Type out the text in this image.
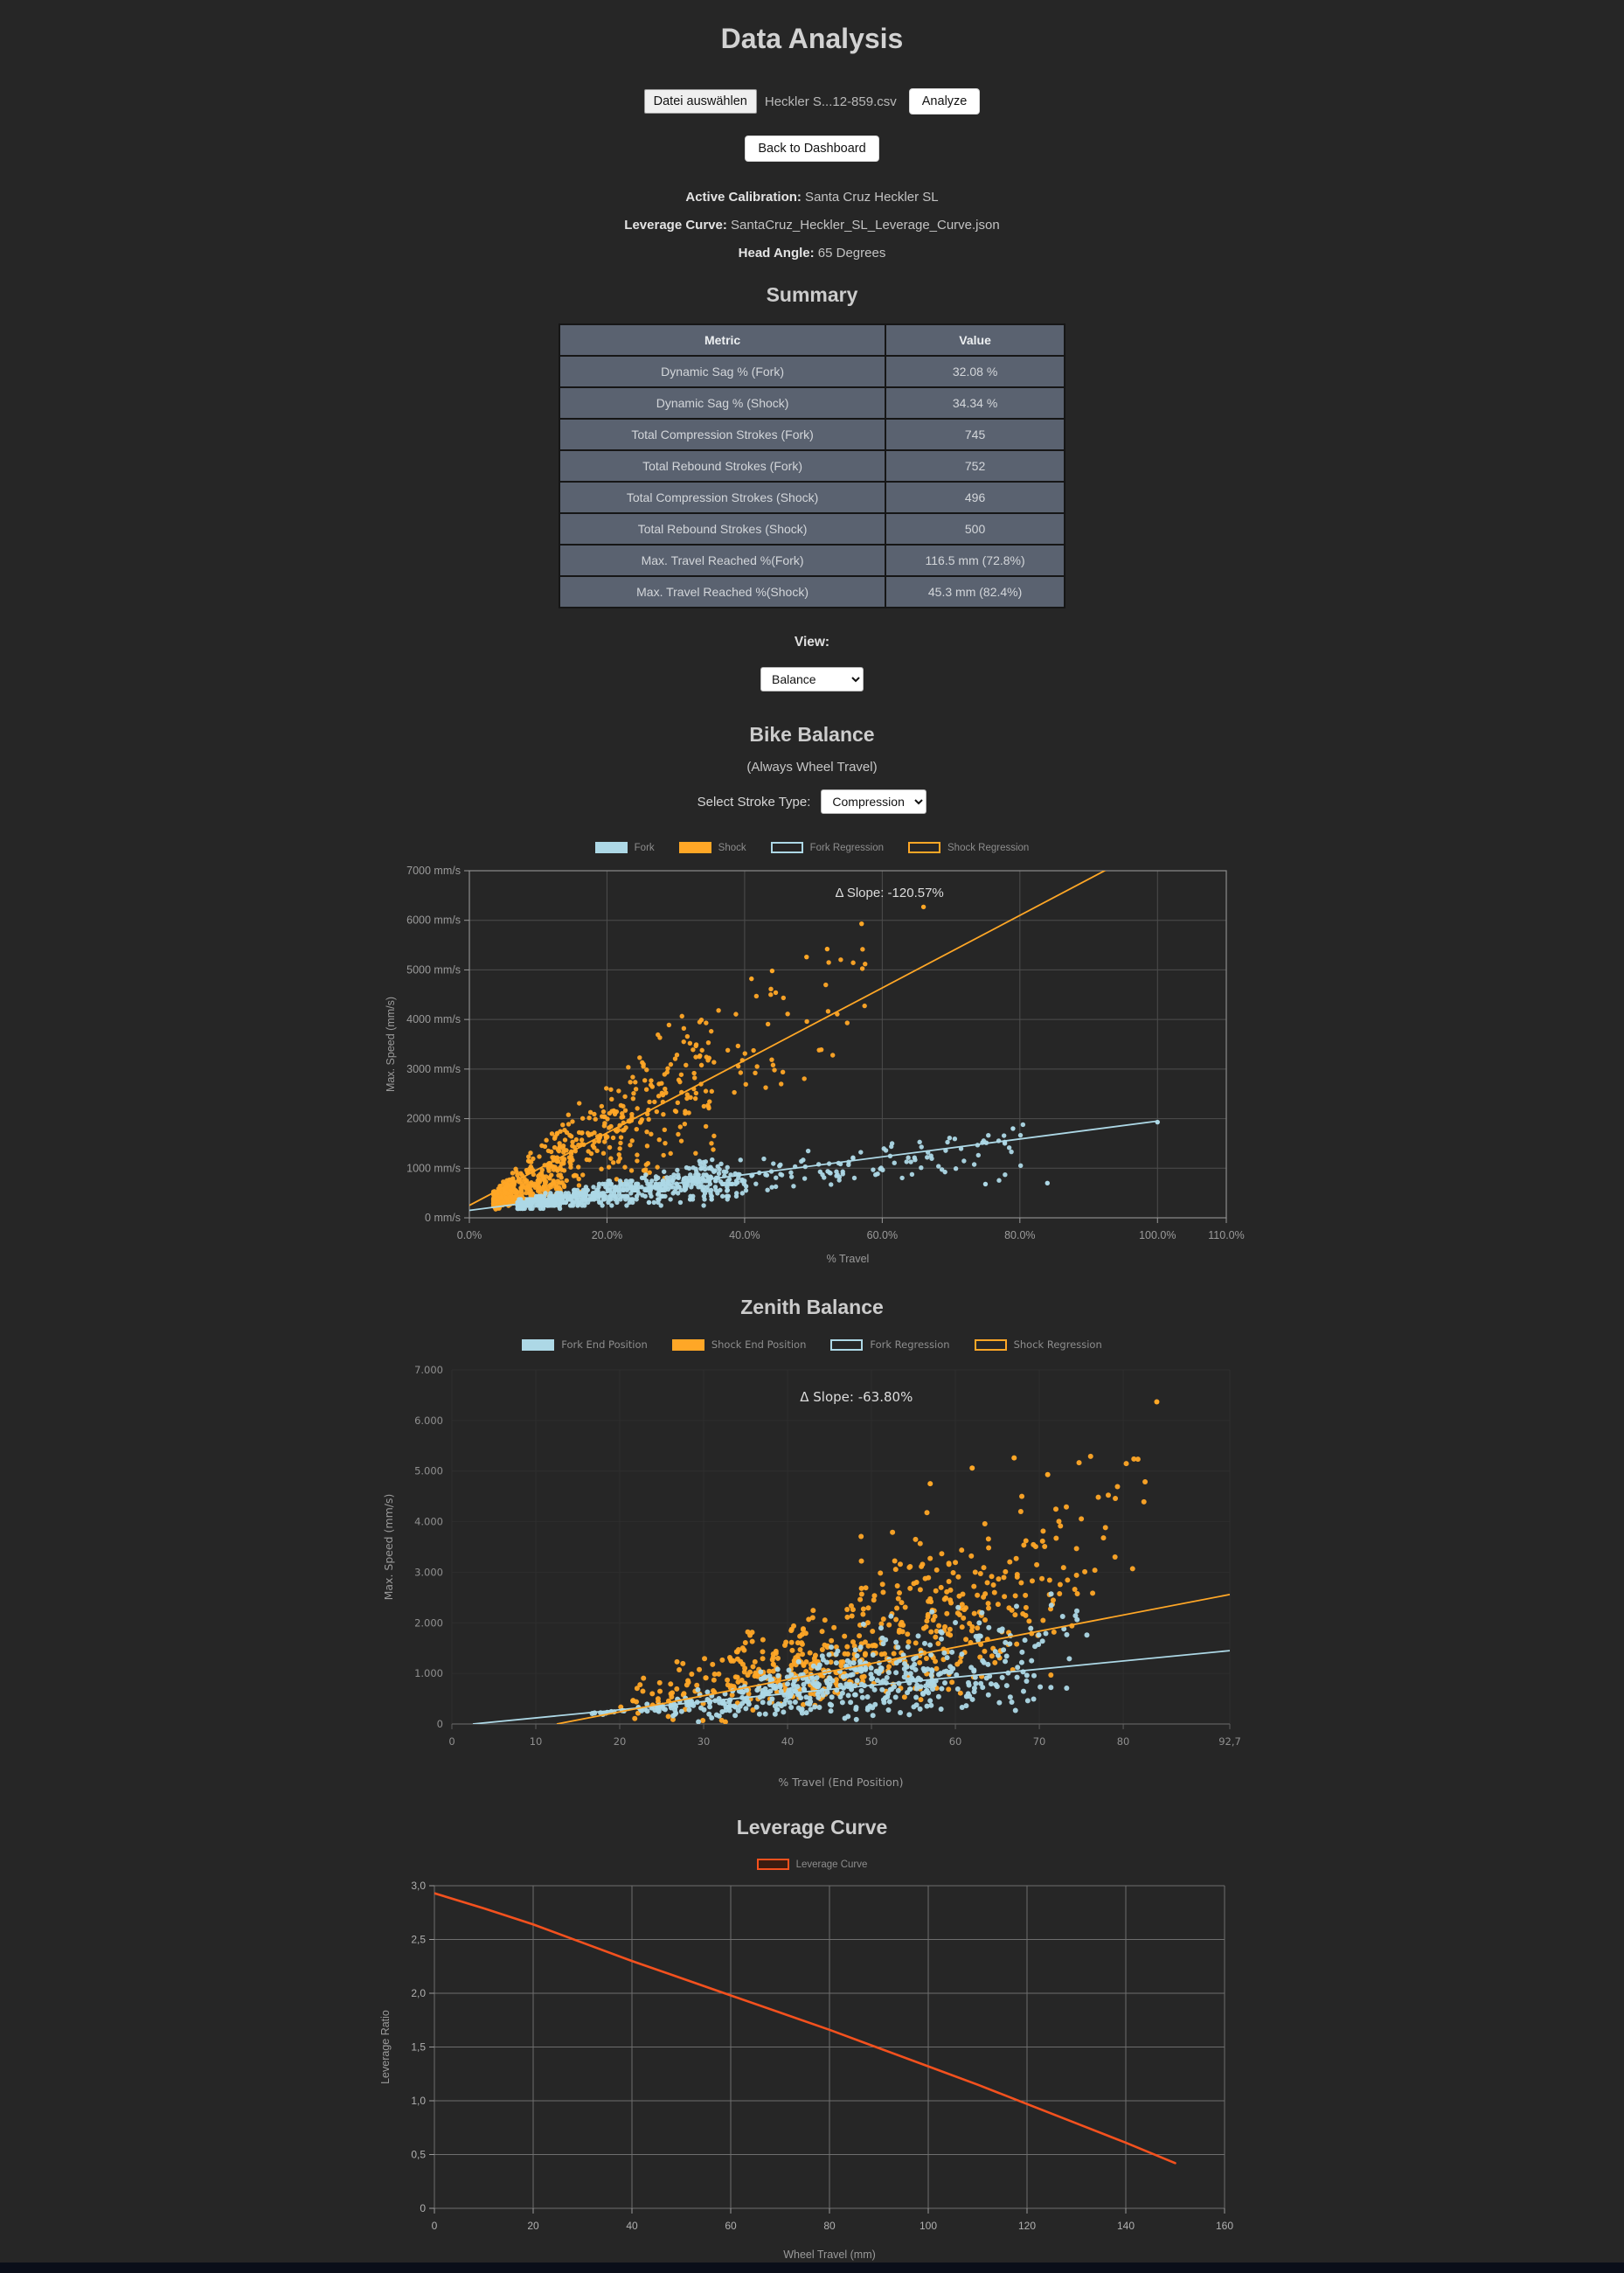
Data Analysis
Datei auswählen	Heckler S...12-859.csv	Analyze
Back to Dashboard

Active Calibration: Santa Cruz Heckler SL

Leverage Curve: SantaCruz_Heckler_SL_Leverage_Curve.json

Head Angle: 65 Degrees

Summary
Metric	Value
Dynamic Sag % (Fork)	32.08 %
Dynamic Sag % (Shock)	34.34 %
Total Compression Strokes (Fork)	745
Total Rebound Strokes (Fork)	752
Total Compression Strokes (Shock)	496
Total Rebound Strokes (Shock)	500
Max. Travel Reached %(Fork)	116.5 mm (72.8%)
Max. Travel Reached %(Shock)	45.3 mm (82.4%)
View:
Balance
Bike Balance
(Always Wheel Travel)
Select Stroke Type:
Compression
Fork	Shock	Fork Regression	Shock Regression
0.0%	20.0%	40.0%	60.0%	80.0%	100.0%	110.0%
0 mm/s
1000 mm/s
2000 mm/s
3000 mm/s
4000 mm/s
5000 mm/s
6000 mm/s
7000 mm/s
% Travel
Max. Speed (mm/s)
Δ Slope: -120.57%
Zenith Balance
Fork End Position	Shock End Position	Fork Regression	Shock Regression
0	10	20	30	40	50	60	70	80	92,7
0
1.000
2.000
3.000
4.000
5.000
6.000
7.000
% Travel (End Position)
Max. Speed (mm/s)
Δ Slope: -63.80%
Leverage Curve
Leverage Curve
0	20	40	60	80	100	120	140	160
0
0,5
1,0
1,5
2,0
2,5
3,0
Wheel Travel (mm)
Leverage Ratio
